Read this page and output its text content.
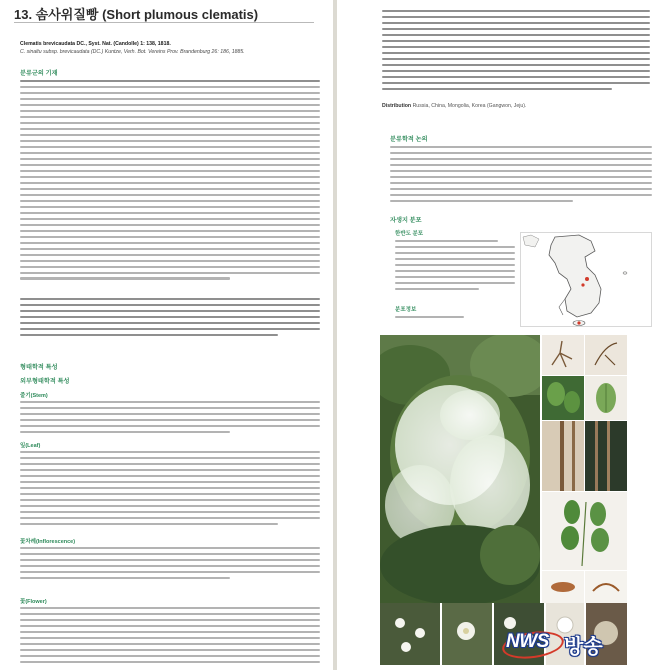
13. 솜사위질빵 (Short plumous clematis)
Clematis brevicaudata DC., Syst. Nat. (Candolle) 1: 138, 1818.
C. sinaltu subsp. brevicaudata (DC.) Kuntze, Verh. Bot. Vereins Prov. Brandenburg 26: 186, 1885.
분류군의 기재
형태학적 특성
외부형태학적 특성
줄기(Stem)
잎(Leaf)
꽃차례(Inflorescence)
꽃(Flower)
Distribution Russia, China, Mongolia, Korea (Gangwon, Jeju).
분류학적 논의
자생지 분포
한반도 분포
분포정보
NWS 방송
